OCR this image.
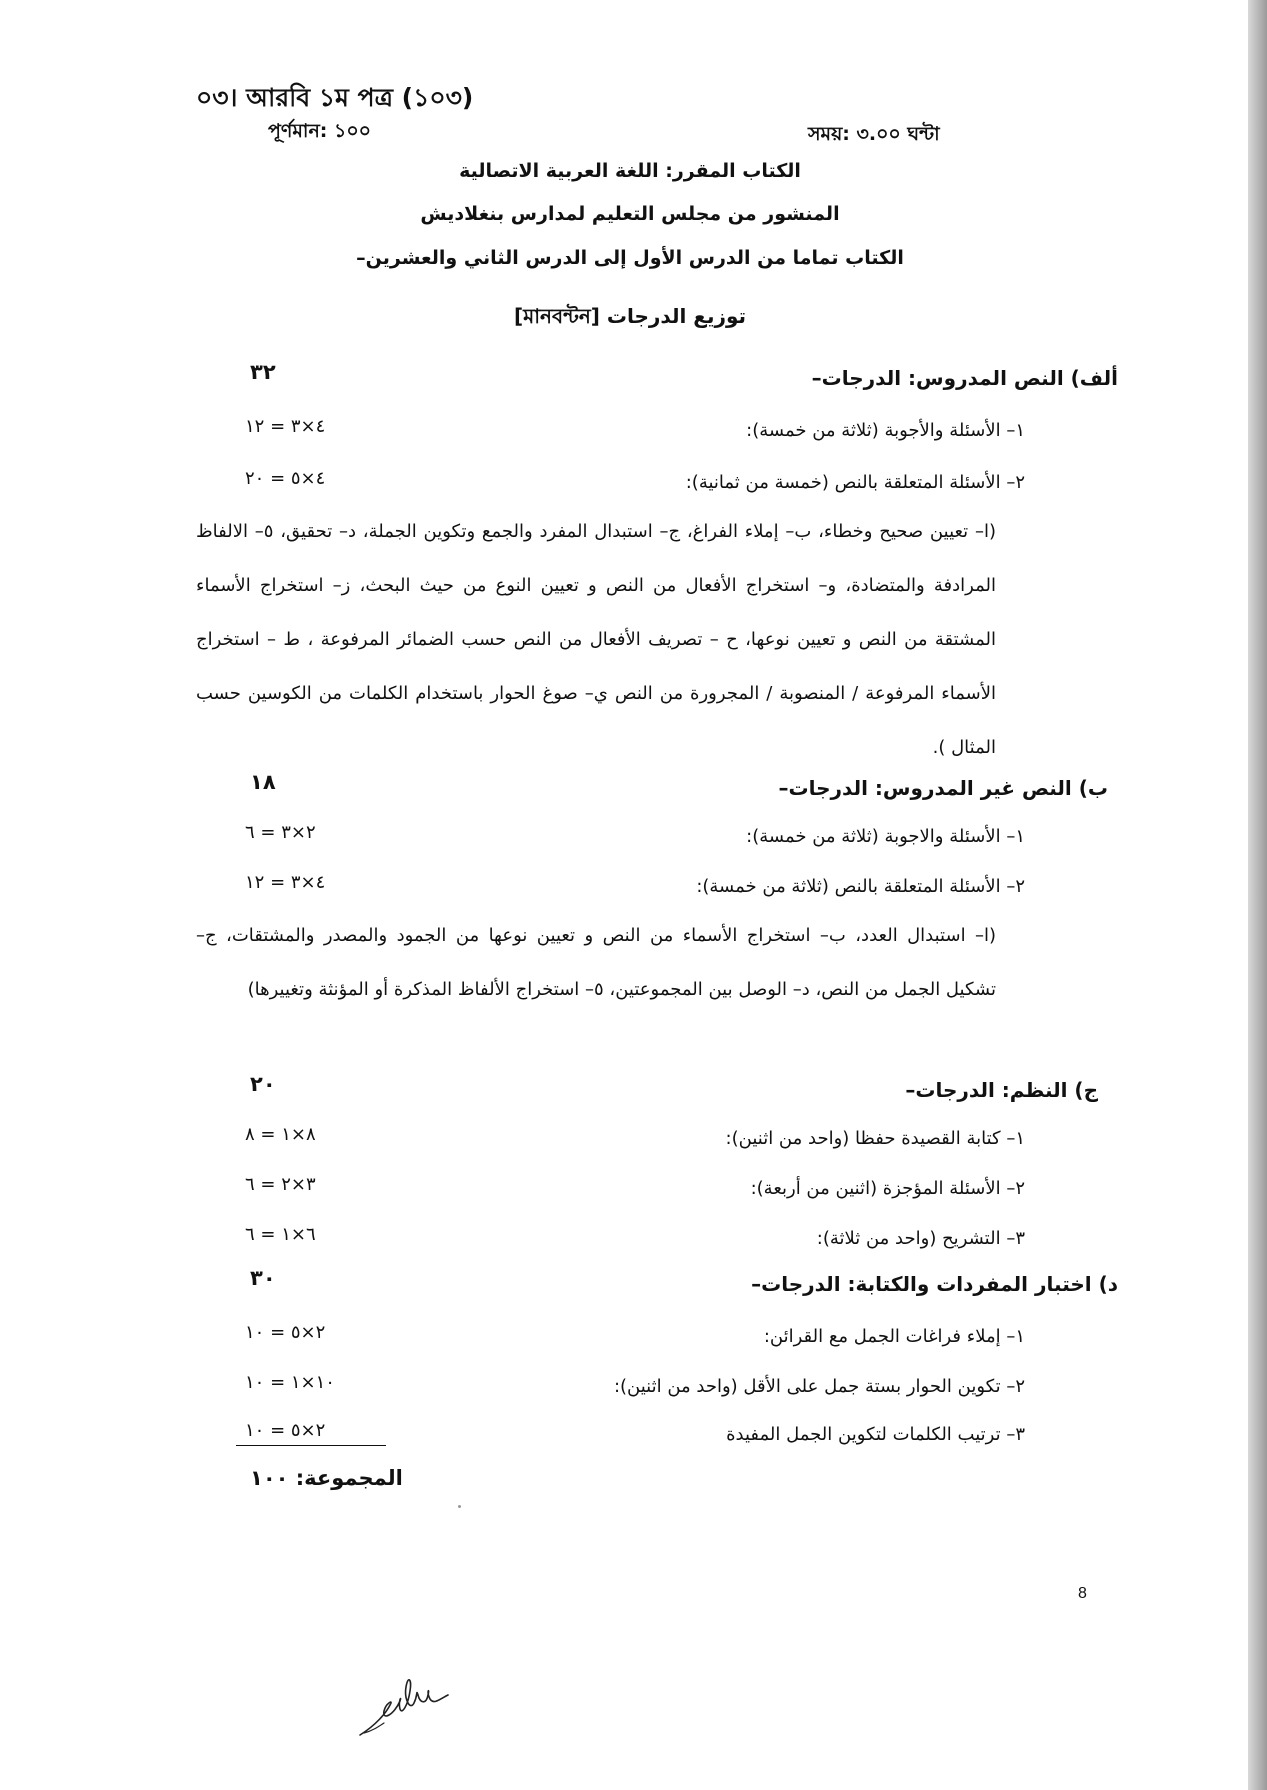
০৩। আরবি ১ম পত্র (১০৩)
পূর্ণমান: ১০০	সময়: ৩.০০ ঘন্টা
الكتاب المقرر: اللغة العربية الاتصالية
المنشور من مجلس التعليم لمدارس بنغلاديش
الكتاب تماما من الدرس الأول إلى الدرس الثاني والعشرين–
توزيع الدرجات [মানবন্টন]
ألف) النص المدروس: الدرجات–
٣٢
١– الأسئلة والأجوبة (ثلاثة من خمسة):
٤×٣ = ١٢
٢– الأسئلة المتعلقة بالنص (خمسة من ثمانية):
٤×٥ = ٢٠
(ا– تعيين صحيح وخطاء، ب– إملاء الفراغ، ج– استبدال المفرد والجمع وتكوين الجملة، د– تحقيق، ٥– الالفاظ المرادفة والمتضادة، و– استخراج الأفعال من النص و تعيين النوع من حيث البحث، ز– استخراج الأسماء المشتقة من النص و تعيين نوعها، ح – تصريف الأفعال من النص حسب الضمائر المرفوعة ، ط – استخراج الأسماء المرفوعة / المنصوبة / المجرورة من النص ي– صوغ الحوار باستخدام الكلمات من الكوسين حسب المثال ).
ب) النص غير المدروس: الدرجات–
١٨
١– الأسئلة والاجوبة (ثلاثة من خمسة):
٢×٣ = ٦
٢– الأسئلة المتعلقة بالنص (ثلاثة من خمسة):
٤×٣ = ١٢
(ا– استبدال العدد، ب– استخراج الأسماء من النص و تعيين نوعها من الجمود والمصدر والمشتقات، ج– تشكيل الجمل من النص، د– الوصل بين المجموعتين، ٥– استخراج الألفاظ المذكرة أو المؤنثة وتغييرها)
ج) النظم: الدرجات–
٢٠
١– كتابة القصيدة حفظا (واحد من اثنين):
٨×١ = ٨
٢– الأسئلة المؤجزة (اثنين من أربعة):
٣×٢ = ٦
٣– التشريح (واحد من ثلاثة):
٦×١ = ٦
د) اختبار المفردات والكتابة: الدرجات–
٣٠
١– إملاء فراغات الجمل مع القرائن:
٢×٥ = ١٠
٢– تكوين الحوار بستة جمل على الأقل (واحد من اثنين):
١٠×١ = ١٠
٣– ترتيب الكلمات لتكوين الجمل المفيدة
٢×٥ = ١٠
المجموعة: ١٠٠
8
